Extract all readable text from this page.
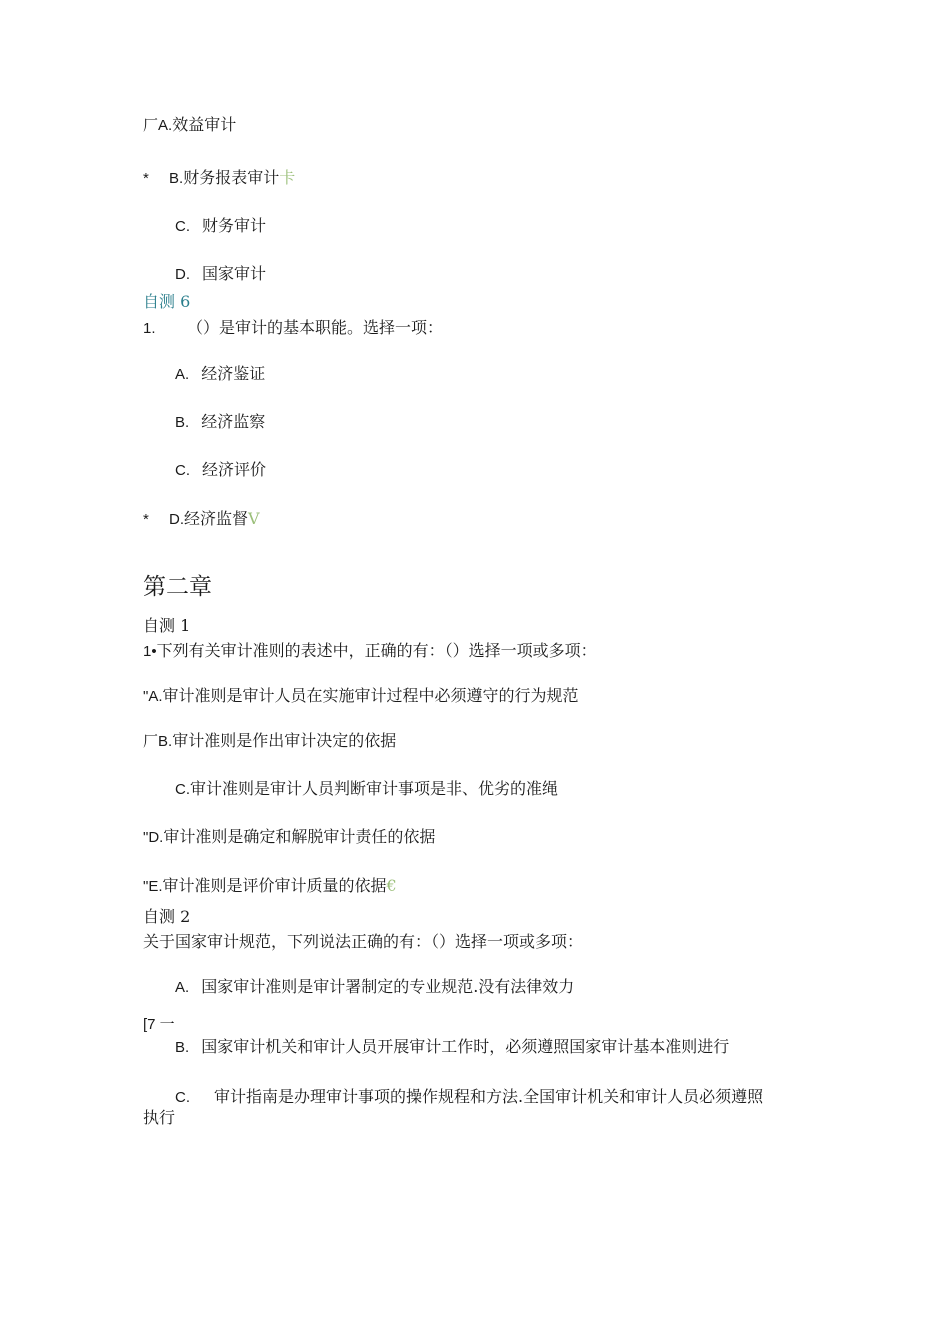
厂A.效益审计
* B.财务报表审计卡
C. 财务审计
D. 国家审计
自测 6
1. （）是审计的基本职能。选择一项：
A. 经济鉴证
B. 经济监察
C. 经济评价
* D.经济监督V
第二章
自测 1
1•下列有关审计准则的表述中，正确的有：（）选择一项或多项：
"A.审计准则是审计人员在实施审计过程中必须遵守的行为规范
厂B.审计准则是作出审计决定的依据
C.审计准则是审计人员判断审计事项是非、优劣的准绳
"D.审计准则是确定和解脱审计责任的依据
"E.审计准则是评价审计质量的依据€
自测 2
关于国家审计规范，下列说法正确的有：（）选择一项或多项：
A. 国家审计准则是审计署制定的专业规范.没有法律效力
[7 一
B. 国家审计机关和审计人员开展审计工作时，必须遵照国家审计基本准则进行
C. 审计指南是办理审计事项的操作规程和方法.全国审计机关和审计人员必须遵照
执行
